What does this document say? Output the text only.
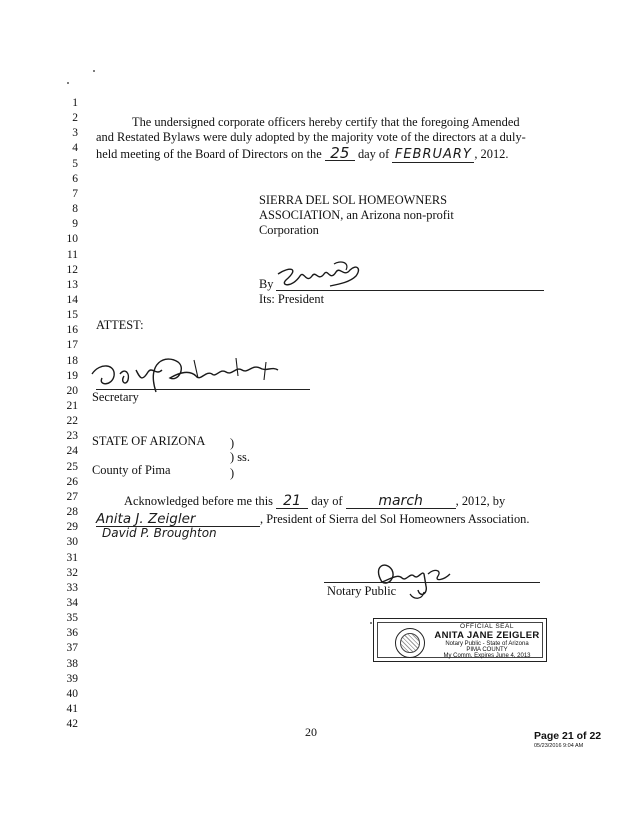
1
2
3
4
5
6
7
8
9
10
11
12
13
14
15
16
17
18
19
20
21
22
23
24
25
26
27
28
29
30
31
32
33
34
35
36
37
38
39
40
41
42
The undersigned corporate officers hereby certify that the foregoing Amended
and Restated Bylaws were duly adopted by the majority vote of the directors at a duly-
held meeting of the Board of Directors on the 25 day of FEBRUARY , 2012.
SIERRA DEL SOL HOMEOWNERS
ASSOCIATION, an Arizona non-profit
Corporation
By
Its: President
ATTEST:
Secretary
STATE OF ARIZONA )
) ss.
County of Pima	)
Acknowledged before me this 21 day of	march	, 2012, by
Anita J. Zeigler	, President of Sierra del Sol Homeowners Association.
David P. Broughton
Notary Public
OFFICIAL SEAL
ANITA JANE ZEIGLER
Notary Public - State of Arizona
PIMA COUNTY
My Comm. Expires June 4, 2013
20	Page 21 of 22
05/23/2016 9:04 AM
